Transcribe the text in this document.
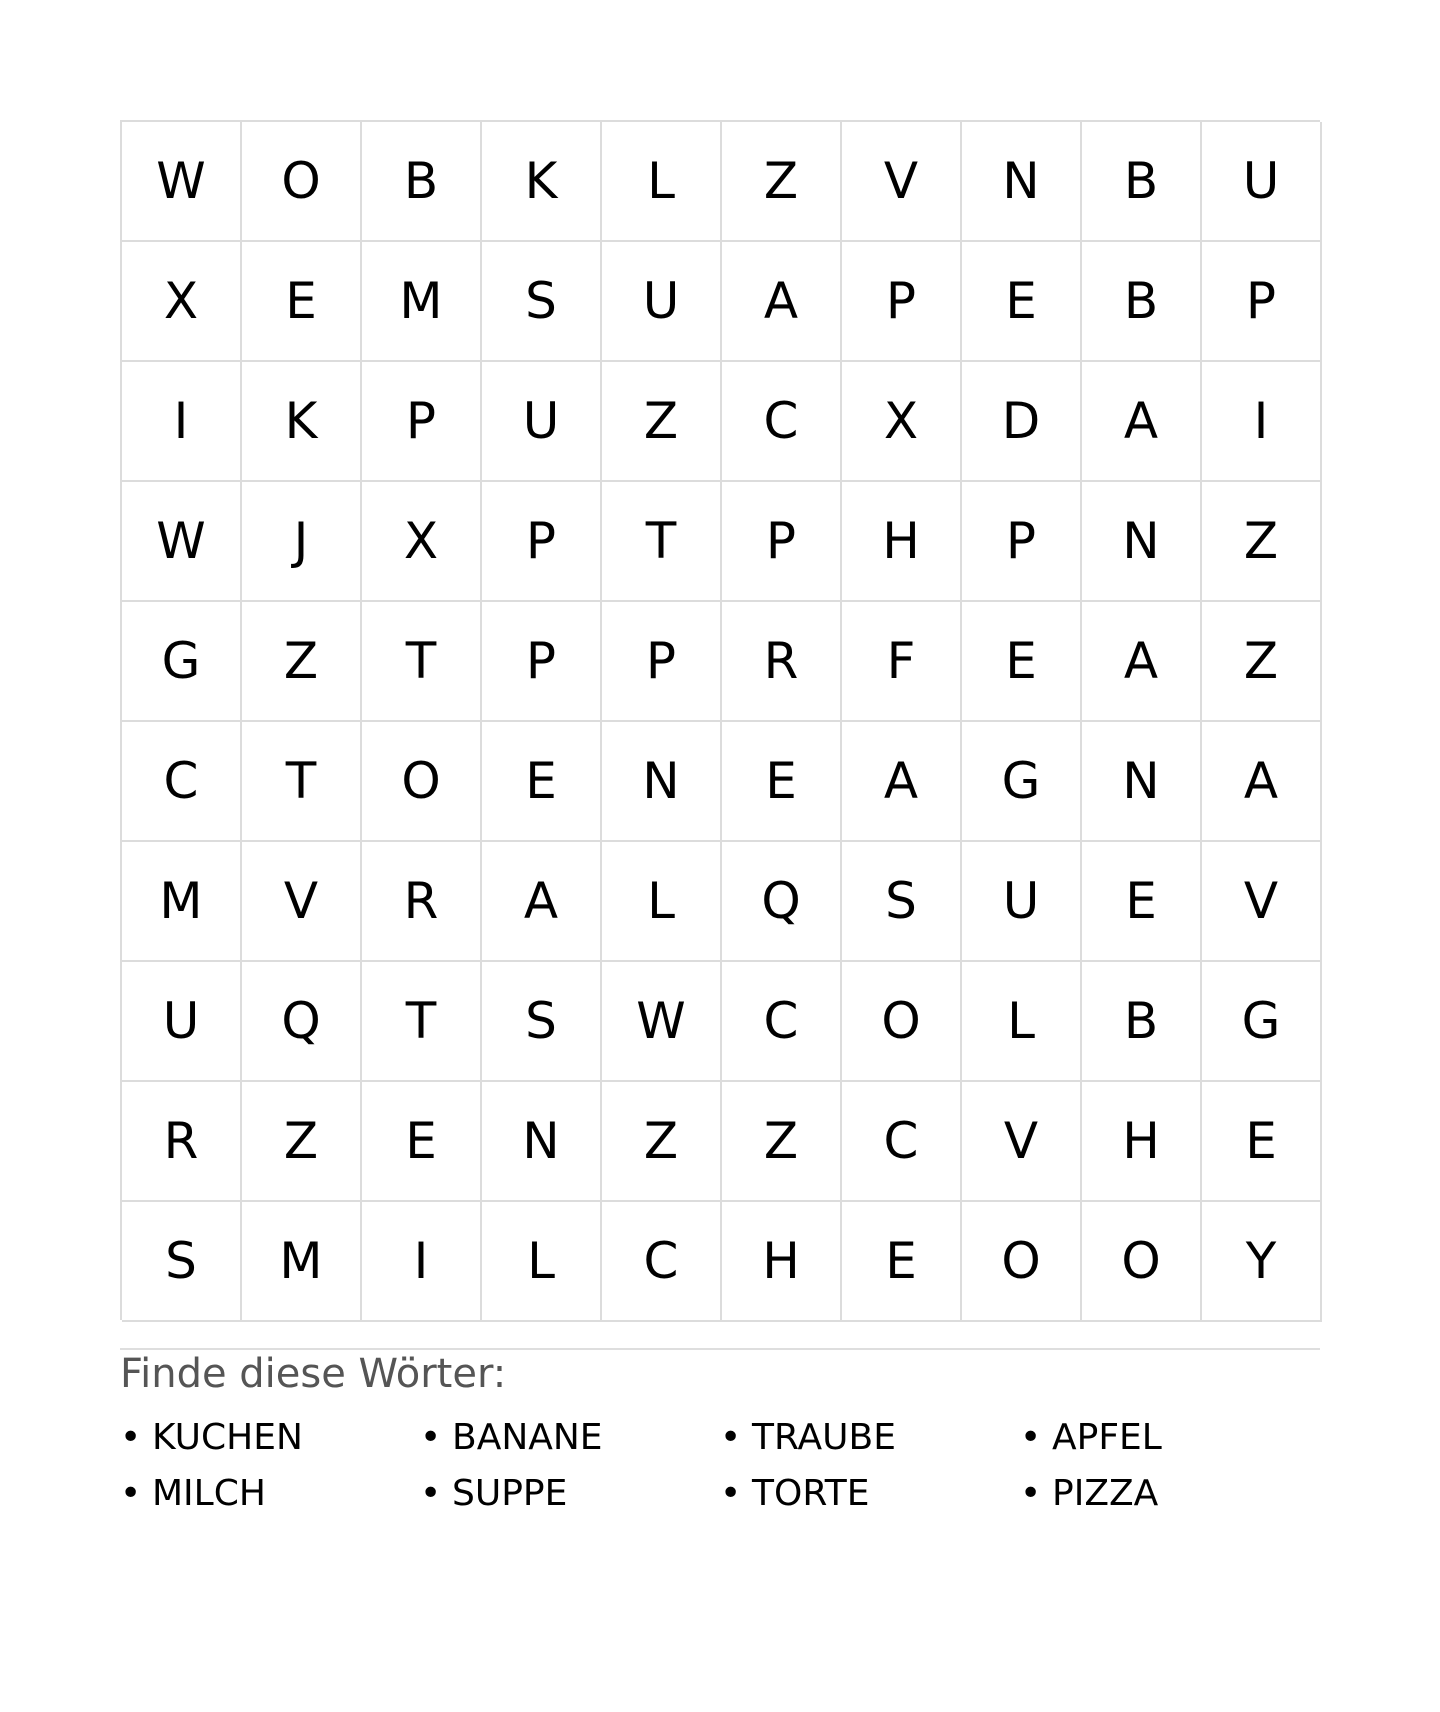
W	O	B	K	L	Z	V	N	B	U
X	E	M	S	U	A	P	E	B	P
I	K	P	U	Z	C	X	D	A	I
W	J	X	P	T	P	H	P	N	Z
G	Z	T	P	P	R	F	E	A	Z
C	T	O	E	N	E	A	G	N	A
M	V	R	A	L	Q	S	U	E	V
U	Q	T	S	W	C	O	L	B	G
R	Z	E	N	Z	Z	C	V	H	E
S	M	I	L	C	H	E	O	O	Y
Finde diese Wörter:
• KUCHEN	• BANANE	• TRAUBE	• APFEL
• MILCH	• SUPPE	• TORTE	• PIZZA
